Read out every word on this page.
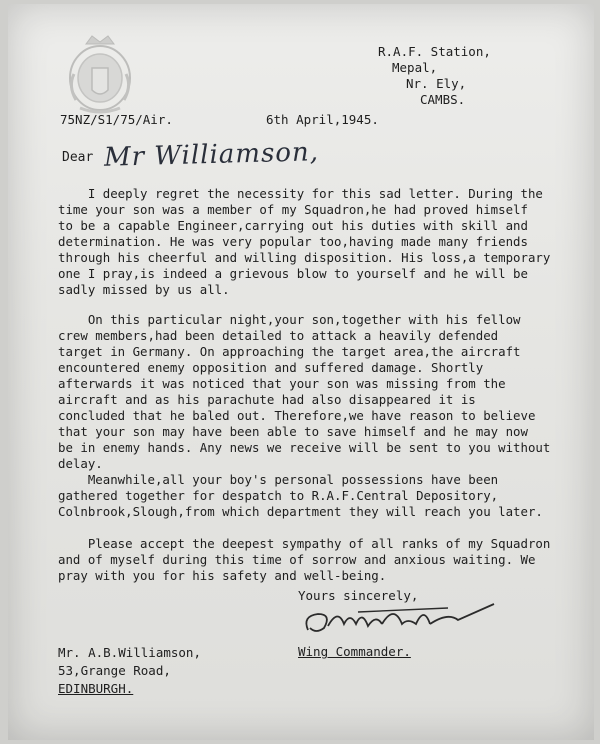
R.A.F. Station,
Mepal,
Nr. Ely,
CAMBS.
75NZ/S1/75/Air.	6th April,1945.
Dear Mr Williamson,
I deeply regret the necessity for this sad letter. During the
time your son was a member of my Squadron,he had proved himself
to be a capable Engineer,carrying out his duties with skill and
determination. He was very popular too,having made many friends
through his cheerful and willing disposition. His loss,a temporary
one I pray,is indeed a grievous blow to yourself and he will be
sadly missed by us all.
On this particular night,your son,together with his fellow
crew members,had been detailed to attack a heavily defended
target in Germany. On approaching the target area,the aircraft
encountered enemy opposition and suffered damage. Shortly
afterwards it was noticed that your son was missing from the
aircraft and as his parachute had also disappeared it is
concluded that he baled out. Therefore,we have reason to believe
that your son may have been able to save himself and he may now
be in enemy hands. Any news we receive will be sent to you without
delay.
Meanwhile,all your boy's personal possessions have been
gathered together for despatch to R.A.F.Central Depository,
Colnbrook,Slough,from which department they will reach you later.
Please accept the deepest sympathy of all ranks of my Squadron
and of myself during this time of sorrow and anxious waiting. We
pray with you for his safety and well-being.
Yours sincerely,
Wing Commander.
Mr. A.B.Williamson,
53,Grange Road,
EDINBURGH.
